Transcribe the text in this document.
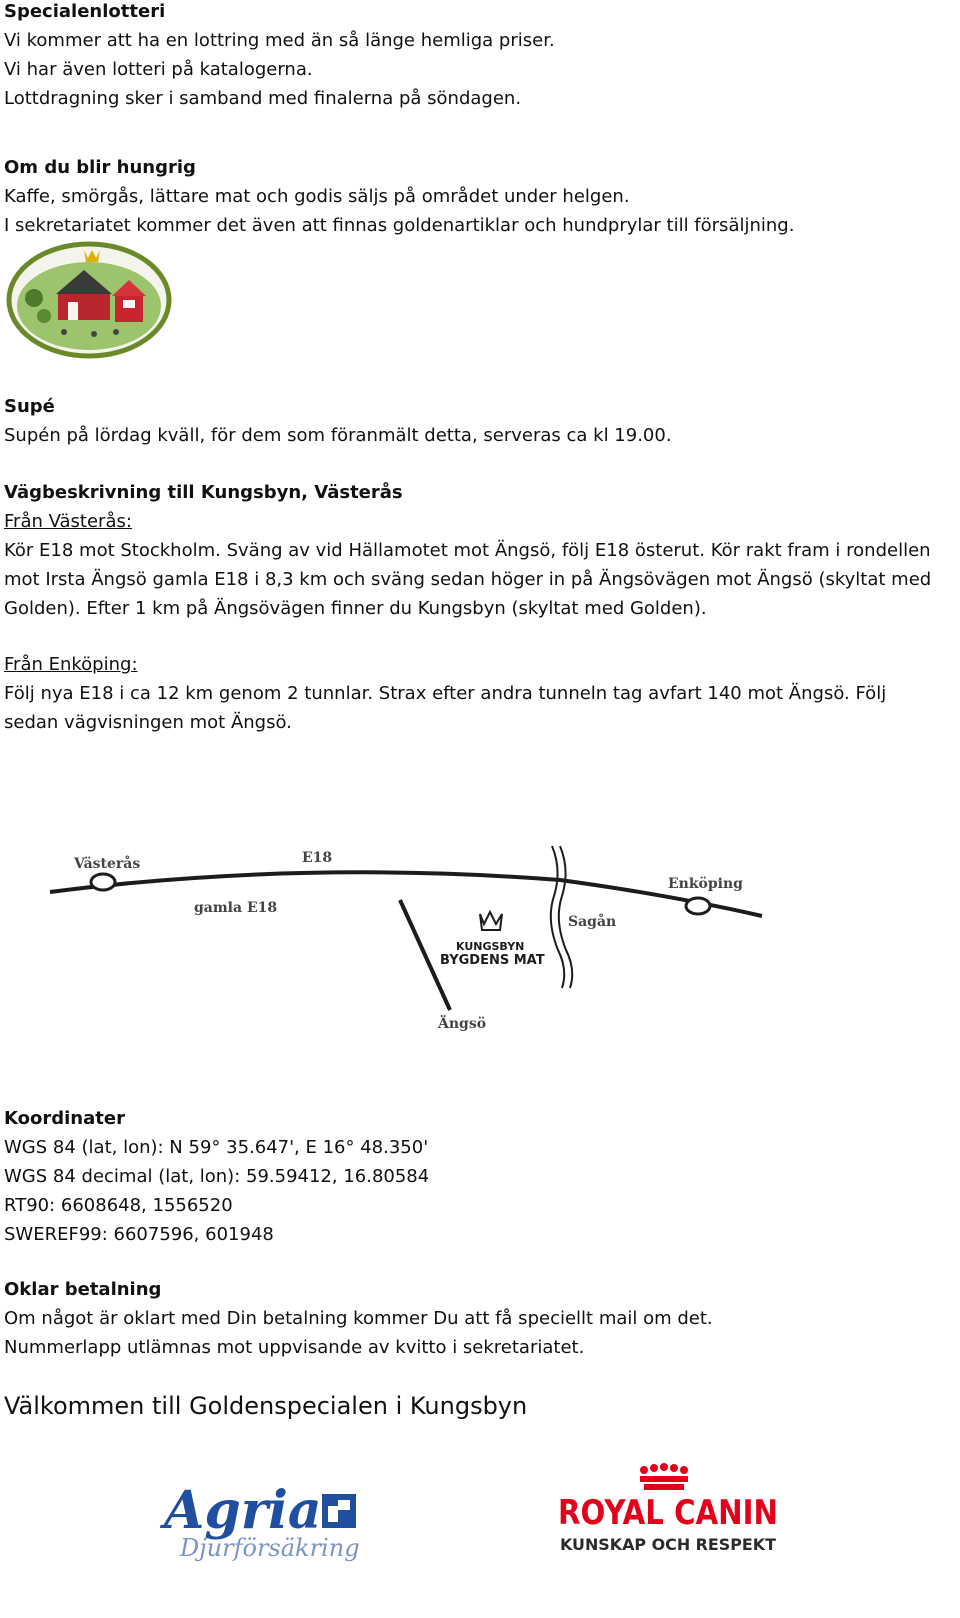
Specialenlotteri
Vi kommer att ha en lottring med än så länge hemliga priser.
Vi har även lotteri på katalogerna.
Lottdragning sker i samband med finalerna på söndagen.
Om du blir hungrig
Kaffe, smörgås, lättare mat och godis säljs på området under helgen.
I sekretariatet kommer det även att finnas goldenartiklar och hundprylar till försäljning.
Supé
Supén på lördag kväll, för dem som föranmält detta, serveras ca kl 19.00.
Vägbeskrivning till Kungsbyn, Västerås
Från Västerås:
Kör E18 mot Stockholm. Sväng av vid Hällamotet mot Ängsö, följ E18 österut. Kör rakt fram i rondellen mot Irsta Ängsö gamla E18 i 8,3 km och sväng sedan höger in på Ängsövägen mot Ängsö (skyltat med Golden). Efter 1 km på Ängsövägen finner du Kungsbyn (skyltat med Golden).
Från Enköping:
Följ nya E18 i ca 12 km genom 2 tunnlar. Strax efter andra tunneln tag avfart 140 mot Ängsö. Följ sedan vägvisningen mot Ängsö.
Koordinater
WGS 84 (lat, lon): N 59° 35.647', E 16° 48.350'
WGS 84 decimal (lat, lon): 59.59412, 16.80584
RT90: 6608648, 1556520
SWEREF99: 6607596, 601948
Oklar betalning
Om något är oklart med Din betalning kommer Du att få speciellt mail om det.
Nummerlapp utlämnas mot uppvisande av kvitto i sekretariatet.
Välkommen till Goldenspecialen i Kungsbyn
Västerås	E18
gamla E18
Enköping
Sagån
Ängsö
KUNGSBYN
BYGDENS MAT
Agria
Djurförsäkring
ROYAL CANIN
KUNSKAP OCH RESPEKT
